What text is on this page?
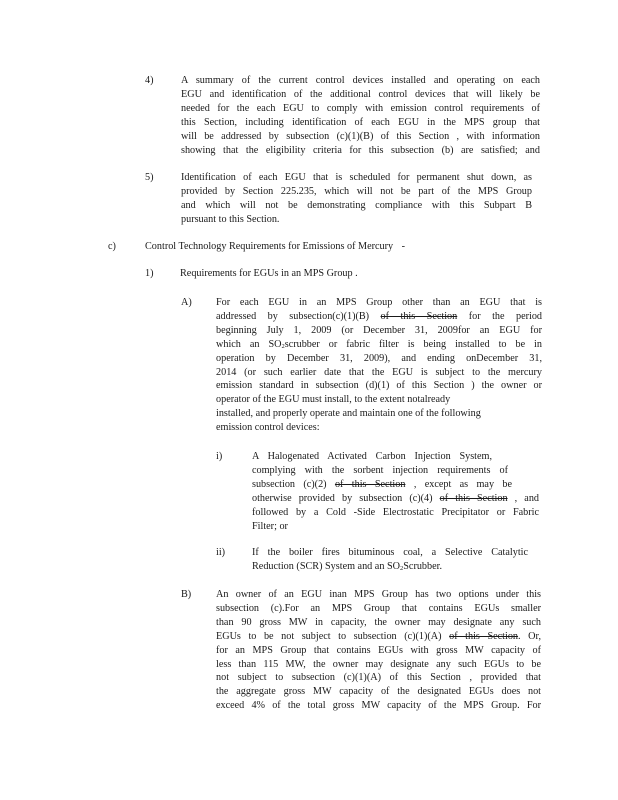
4)	A summary of the current control devices installed and operating on each
EGU and identification of the additional control devices that will likely be
needed for the each EGU to comply with emission control requirements of
this Section, including identification of each EGU in the MPS group that
will be addressed by subsection (c)(1)(B) of this Section , with information
showing that the eligibility criteria for this subsection (b) are satisfied; and
5)	Identification of each EGU that is scheduled for permanent shut down, as
provided by Section 225.235, which will not be part of the MPS Group
and which will not be demonstrating compliance with this Subpart B
pursuant to this Section.
c)	Control Technology Requirements for Emissions of Mercury -
1)	Requirements for EGUs in an MPS Group .
A) For each EGU in an MPS Group other than an EGU that is
addressed by subsection(c)(1)(B) of this Section for the period
beginning July 1, 2009 (or December 31, 2009for an EGU for
which an $SO_2scrubber$ or fabric filter is being installed to be in
operation by December 31, 2009), and ending onDecember 31,
2014 (or such earlier date that the EGU is subject to the mercury
emission standard in subsection (d)(1) of this Section ) the owner or
operator of the EGU must install, to the extent notalready
installed, and properly operate and maintain one of the following
emission control devices:
i)	A Halogenated Activated Carbon Injection System,
complying with the sorbent injection requirements of
subsection (c)(2) of this Section , except as may be
otherwise provided by subsection (c)(4) of this Section , and
followed by a Cold -Side Electrostatic Precipitator or Fabric
Filter; or
ii)	If the boiler fires bituminous coal, a Selective Catalytic
Reduction (SCR) System and an $SO_2Scrubber$.
B) An owner of an EGU inan MPS Group has two options under this
subsection (c).For an MPS Group that contains EGUs smaller
than 90 gross MW in capacity, the owner may designate any such
EGUs to be not subject to subsection (c)(1)(A) of this Section. Or,
for an MPS Group that contains EGUs with gross MW capacity of
less than 115 MW, the owner may designate any such EGUs to be
not subject to subsection (c)(1)(A) of this Section , provided that
the aggregate gross MW capacity of the designated EGUs does not
exceed 4% of the total gross MW capacity of the MPS Group. For
